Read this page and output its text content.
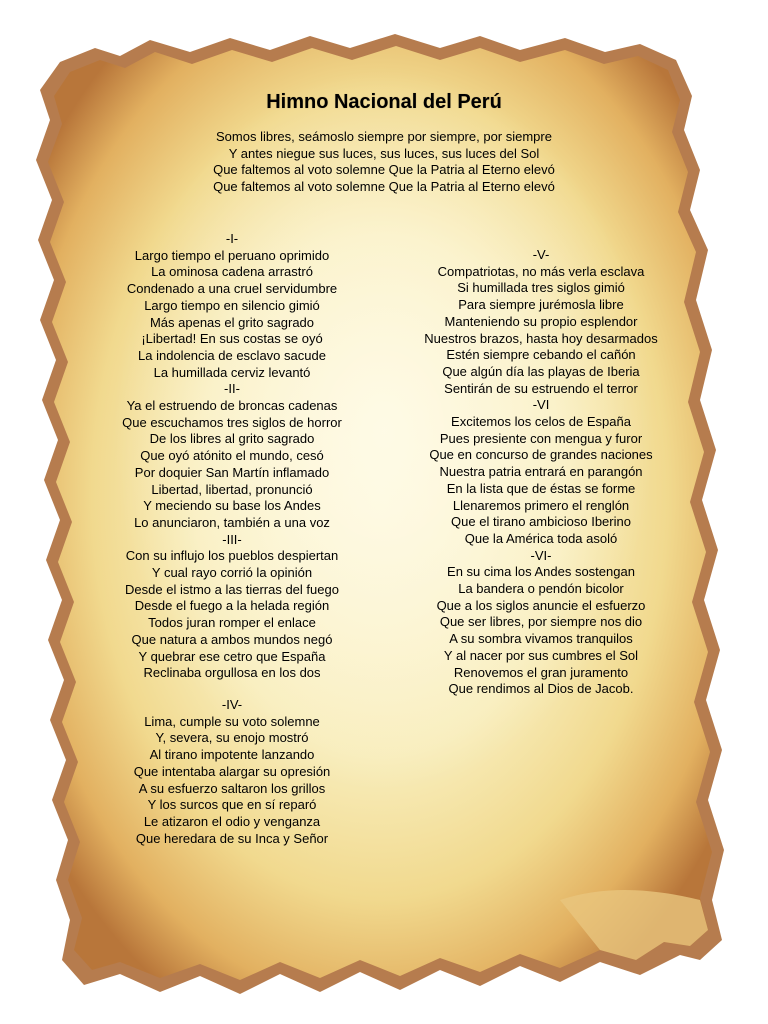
Himno Nacional del Perú
Somos libres, seámoslo siempre por siempre, por siempre
Y antes niegue sus luces, sus luces, sus luces del Sol
Que faltemos al voto solemne Que la Patria al Eterno elevó
Que faltemos al voto solemne Que la Patria al Eterno elevó
-I-
Largo tiempo el peruano oprimido
La ominosa cadena arrastró
Condenado a una cruel servidumbre
Largo tiempo en silencio gimió
Más apenas el grito sagrado
¡Libertad! En sus costas se oyó
La indolencia de esclavo sacude
La humillada cerviz levantó
-II-
Ya el estruendo de broncas cadenas
Que escuchamos tres siglos de horror
De los libres al grito sagrado
Que oyó atónito el mundo, cesó
Por doquier San Martín inflamado
Libertad, libertad, pronunció
Y meciendo su base los Andes
Lo anunciaron, también a una voz
-III-
Con su influjo los pueblos despiertan
Y cual rayo corrió la opinión
Desde el istmo a las tierras del fuego
Desde el fuego a la helada región
Todos juran romper el enlace
Que natura a ambos mundos negó
Y quebrar ese cetro que España
Reclinaba orgullosa en los dos
-IV-
Lima, cumple su voto solemne
Y, severa, su enojo mostró
Al tirano impotente lanzando
Que intentaba alargar su opresión
A su esfuerzo saltaron los grillos
Y los surcos que en sí reparó
Le atizaron el odio y venganza
Que heredara de su Inca y Señor
-V-
Compatriotas, no más verla esclava
Si humillada tres siglos gimió
Para siempre jurémosla libre
Manteniendo su propio esplendor
Nuestros brazos, hasta hoy desarmados
Estén siempre cebando el cañón
Que algún día las playas de Iberia
Sentirán de su estruendo el terror
-VI
Excitemos los celos de España
Pues presiente con mengua y furor
Que en concurso de grandes naciones
Nuestra patria entrará en parangón
En la lista que de éstas se forme
Llenaremos primero el renglón
Que el tirano ambicioso Iberino
Que la América toda asoló
-VI-
En su cima los Andes sostengan
La bandera o pendón bicolor
Que a los siglos anuncie el esfuerzo
Que ser libres, por siempre nos dio
A su sombra vivamos tranquilos
Y al nacer por sus cumbres el Sol
Renovemos el gran juramento
Que rendimos al Dios de Jacob.
